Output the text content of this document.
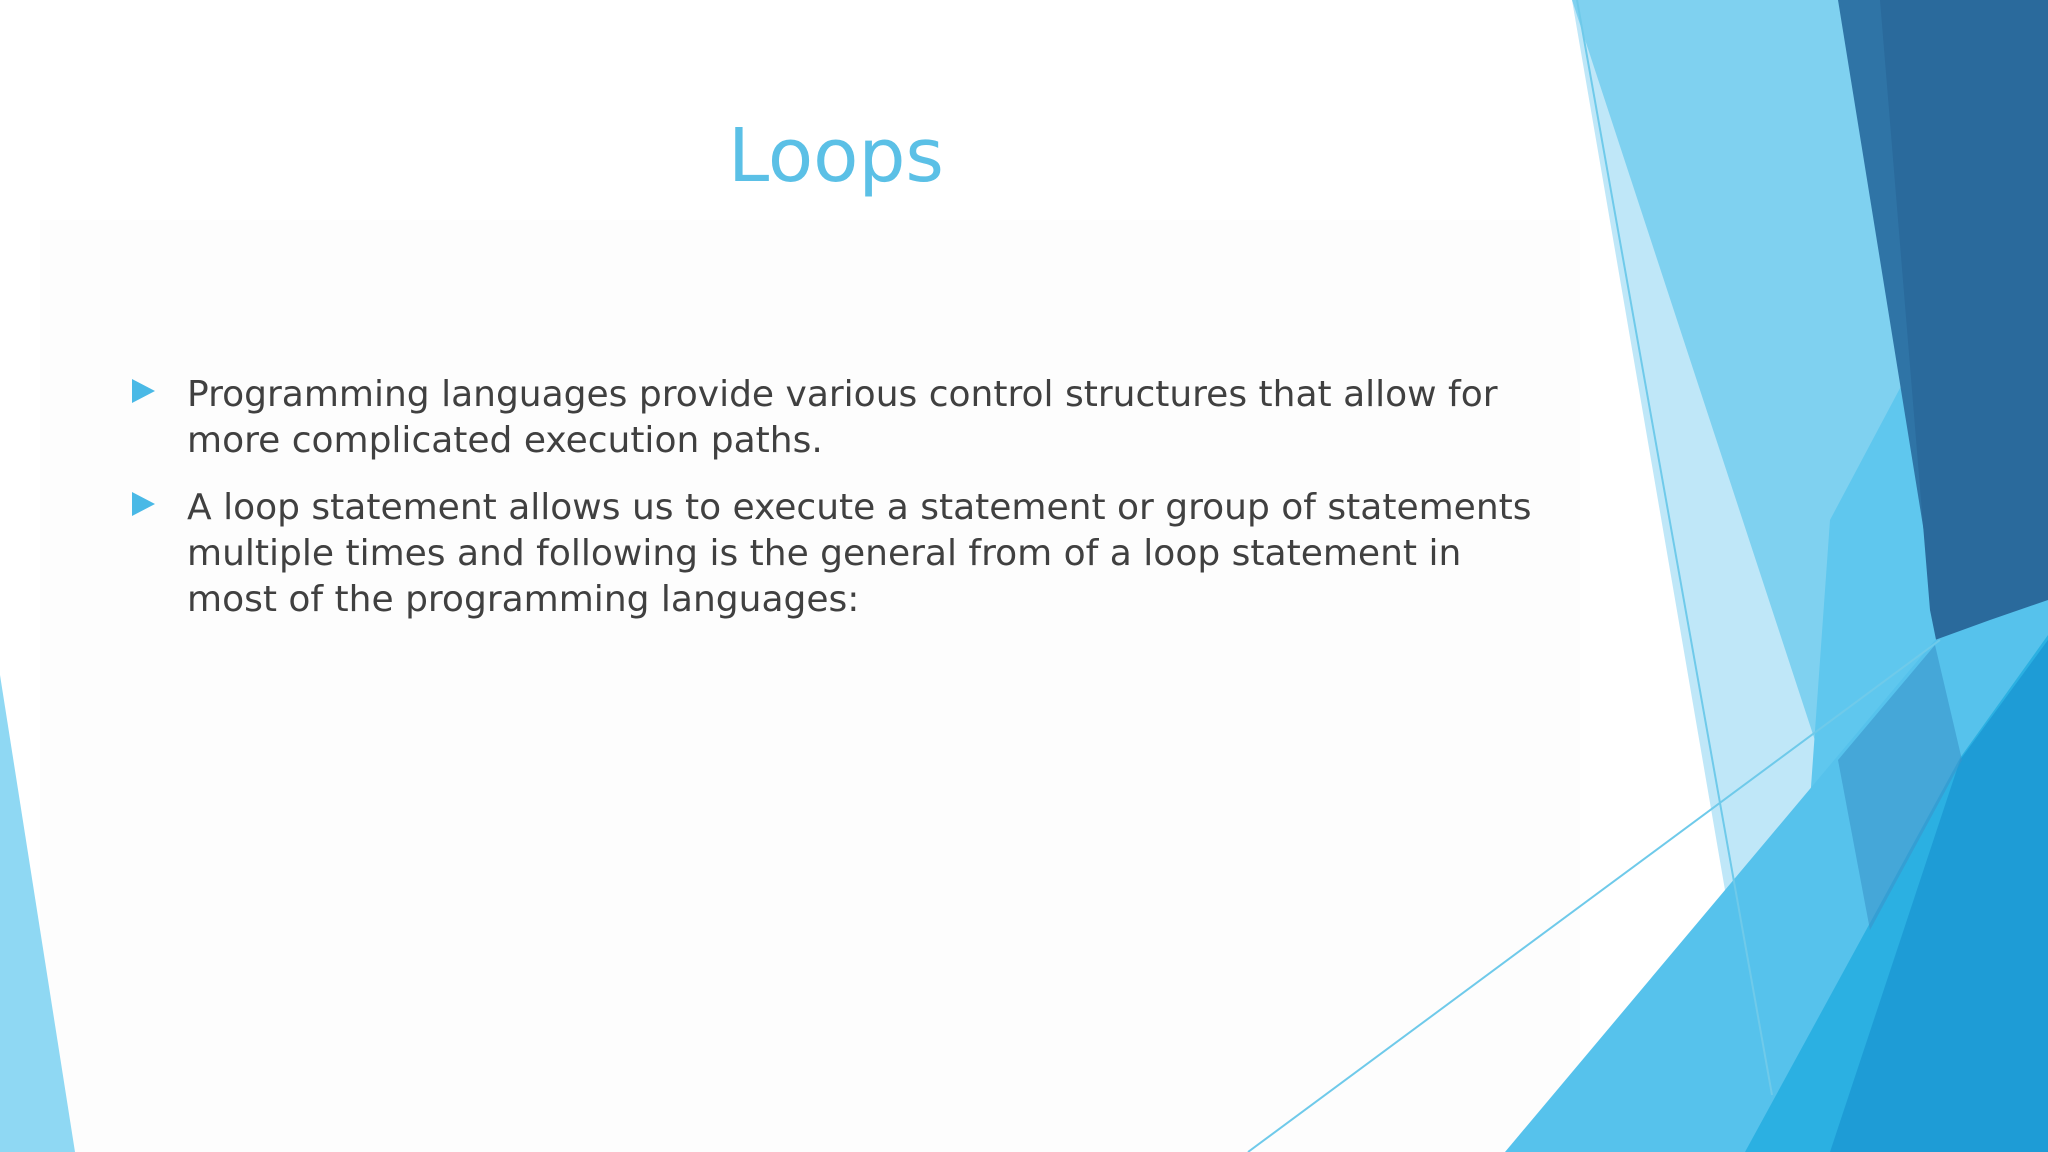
Loops
Programming languages provide various control structures that allow for more complicated execution paths.
A loop statement allows us to execute a statement or group of statements multiple times and following is the general from of a loop statement in most of the programming languages:
